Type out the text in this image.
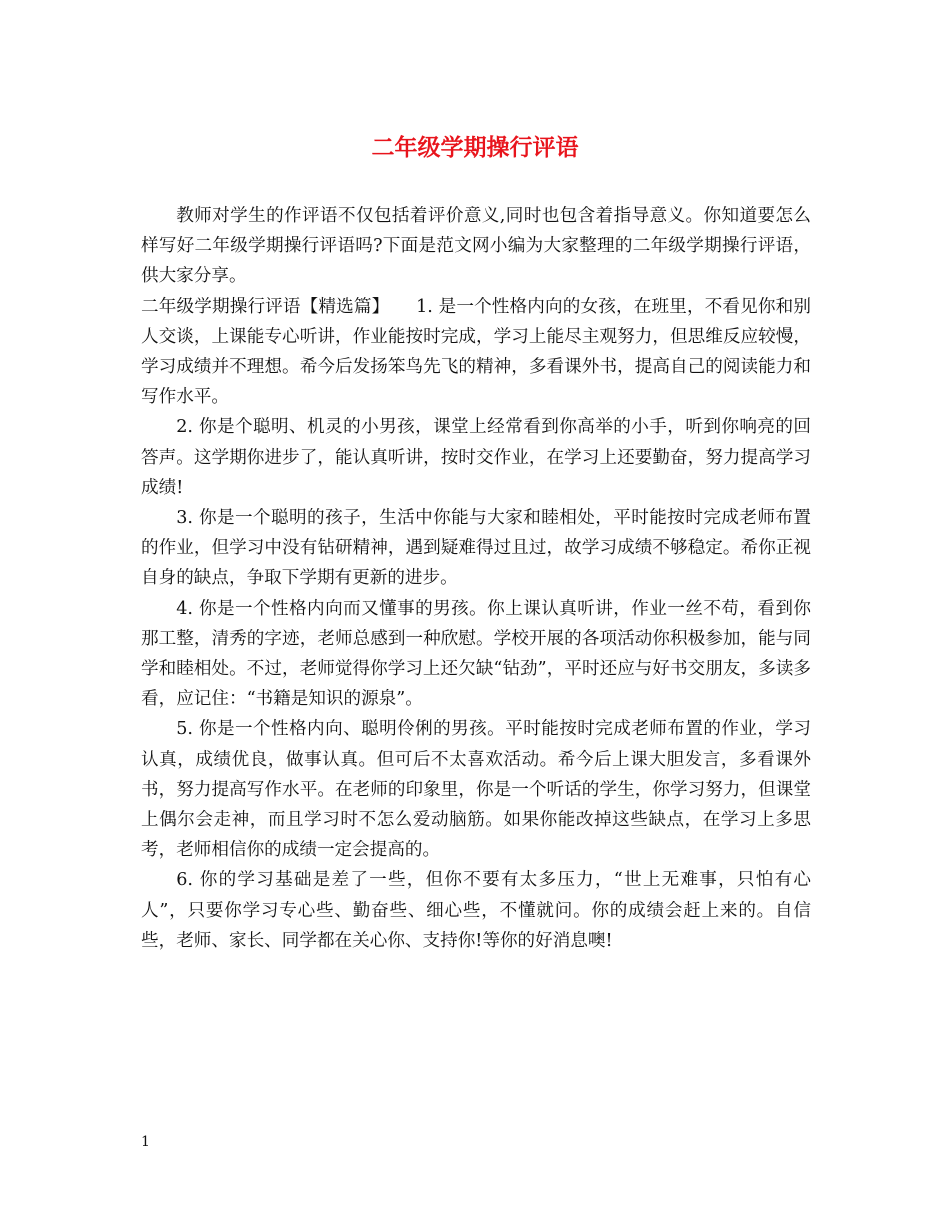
二年级学期操行评语

教师对学生的作评语不仅包括着评价意义,同时也包含着指导意义。你知道要怎么样写好二年级学期操行评语吗?下面是范文网小编为大家整理的二年级学期操行评语，供大家分享。

二年级学期操行评语【精选篇】　　 1. 是一个性格内向的女孩，在班里，不看见你和别人交谈，上课能专心听讲，作业能按时完成，学习上能尽主观努力，但思维反应较慢，学习成绩并不理想。希今后发扬笨鸟先飞的精神，多看课外书，提高自己的阅读能力和写作水平。

2. 你是个聪明、机灵的小男孩，课堂上经常看到你高举的小手，听到你响亮的回答声。这学期你进步了，能认真听讲，按时交作业，在学习上还要勤奋，努力提高学习成绩!

3. 你是一个聪明的孩子，生活中你能与大家和睦相处，平时能按时完成老师布置的作业，但学习中没有钻研精神，遇到疑难得过且过，故学习成绩不够稳定。希你正视自身的缺点，争取下学期有更新的进步。

4. 你是一个性格内向而又懂事的男孩。你上课认真听讲，作业一丝不苟，看到你那工整，清秀的字迹，老师总感到一种欣慰。学校开展的各项活动你积极参加，能与同学和睦相处。不过，老师觉得你学习上还欠缺“钻劲”，平时还应与好书交朋友，多读多看，应记住：“书籍是知识的源泉”。

5. 你是一个性格内向、聪明伶俐的男孩。平时能按时完成老师布置的作业，学习认真，成绩优良，做事认真。但可后不太喜欢活动。希今后上课大胆发言，多看课外书，努力提高写作水平。在老师的印象里，你是一个听话的学生，你学习努力，但课堂上偶尔会走神，而且学习时不怎么爱动脑筋。如果你能改掉这些缺点，在学习上多思考，老师相信你的成绩一定会提高的。

6. 你的学习基础是差了一些，但你不要有太多压力，“世上无难事，只怕有心人”，只要你学习专心些、勤奋些、细心些，不懂就问。你的成绩会赶上来的。自信些，老师、家长、同学都在关心你、支持你!等你的好消息噢!

1
